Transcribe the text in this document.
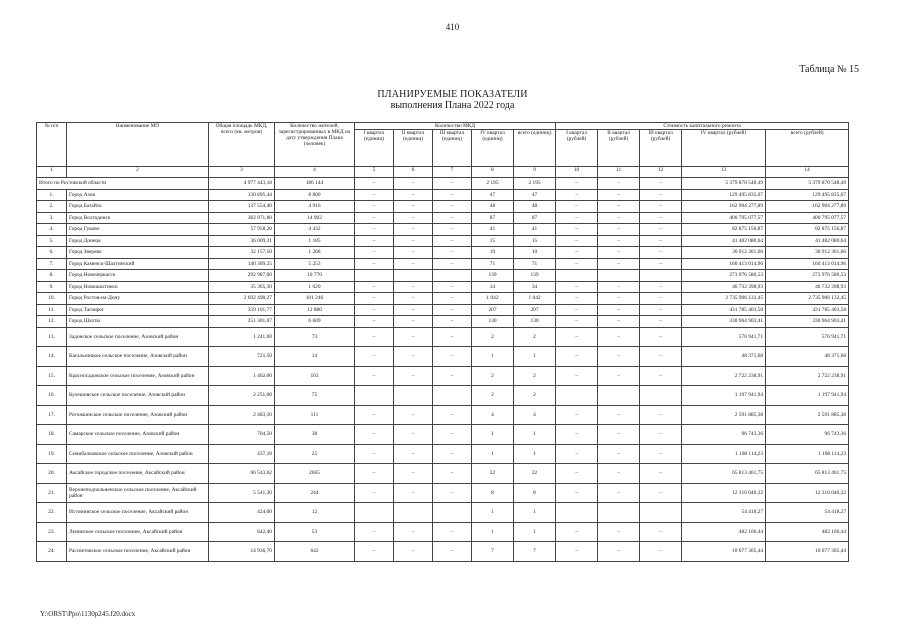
410
Таблица № 15
ПЛАНИРУЕМЫЕ ПОКАЗАТЕЛИ
выполнения Плана 2022 года
№ п/п	Наименование МО	Общая площадь МКД, всего (кв. метров)	Количество жителей, зарегистрированных в МКД на дату утверждения Плана (человек)	Количество МКД					Стоимость капитального ремонта				
				I квартал (единиц)	II квартал (единиц)	III квартал (единиц)	IV квартал (единиц)	всего (единиц)	I квартал (рублей)	II квартал (рублей)	III квартал (рублей)	IV квартал (рублей)	всего (рублей)
1	2	3	4	5	6	7	8	9	10	11	12	13	14
Итого по Ростовской области		4 977 443,18	186 144	–	–	–	2 195	2 195	–	–	–	5 379 870 548,49	5 379 870 548,49
1.	Город Азов	130 895,44	8 800	–	–	–	47	47	–	–	–	129 495 835,07	129 495 835,07
2.	Город Батайск	137 554,40	4 916	–	–	–	48	48	–	–	–	162 904 277,89	162 904 277,89
3.	Город Волгодонск	382 071,80	14 902	–	–	–	87	87	–	–	–	400 795 077,57	400 795 077,57
4.	Город Гуково	57 958,20	4 432	–	–	–	41	41	–	–	–	82 875 156,87	82 875 156,87
5.	Город Донецк	36 009,31	1 185	–	–	–	15	15	–	–	–	41 482 080,64	41 482 080,64
6.	Город Зверево	32 157,50	1 268	–	–	–	10	10	–	–	–	30 912 301,66	30 912 301,66
7.	Город Каменск-Шахтинский	140 309,25	5 253	–	–	–	71	71	–	–	–	160 413 014,96	160 413 014,96
8.	Город Новочеркасск	292 987,00	10 770				139	139				273 976 580,53	273 976 580,53
9.	Город Новошахтинск	35 365,30	1 020	–	–	–	34	34	–	–	–	46 732 398,93	46 732 398,93
10.	Город Ростов-на-Дону	2 692 498,27	101 246	–	–	–	1 042	1 042	–	–	–	2 735 906 132,45	2 735 906 132,45
11.	Город Таганрог	359 101,77	13 880	–	–	–	207	207	–	–	–	431 785 403,58	431 785 403,58
12.	Город Шахты	251 301,07	6 609	–	–	–	130	130	–	–	–	330 964 903,41	330 964 903,41
13.	Задонское сельское поселение, Азовский район	1 241,00	73	–	–	–	2	2	–	–	–	576 941,71	576 941,71
14.	Кагальницкое сельское поселение, Азовский район	721,50	14	–	–	–	1	1	–	–	–	48 371,68	48 371,68
15.	Красносадовское сельское поселение, Азовский район	1 462,00	103	–	–	–	2	2	–	–	–	2 722 238,91	2 722 238,91
16.	Кулешовское сельское поселение, Азовский район	2 251,00	75				2	2				1 197 941,94	1 197 941,94
17.	Рогожкинское сельское поселение, Азовский район	2 483,30	111	–	–	–	4	4	–	–	–	2 591 885,38	2 591 885,38
18.	Самарское сельское поселение, Азовский район	704,50	38	–	–	–	1	1	–	–	–	96 743,36	96 743,36
19.	Семибалковское сельское поселение, Азовский район	437,10	25	–	–	–	1	1	–	–	–	1 108 114,23	1 108 114,23
20.	Аксайское городское поселение, Аксайский район	66 543,62	2665	–	–	–	22	22	–	–	–	65 813 461,75	65 813 461,75
21.	Верхнеподпольненское сельское поселение, Аксайский район	5 541,30	244	–	–	–	8	8	–	–	–	12 310 040,32	12 310 040,32
22.	Истоминское сельское поселение, Аксайский район	424,00	12				1	1				54 418,27	54 418,27
23.	Ленинское сельское поселение, Аксайский район	642,40	53	–	–	–	1	1	–	–	–	482 166,44	482 166,44
24.	Рассветовское сельское поселение, Аксайский район	14 936,70	642	–	–	–	7	7	–	–	–	10 077 305,44	10 077 305,44
Y:\ORST\Ppo\1130p245.f20.docx
